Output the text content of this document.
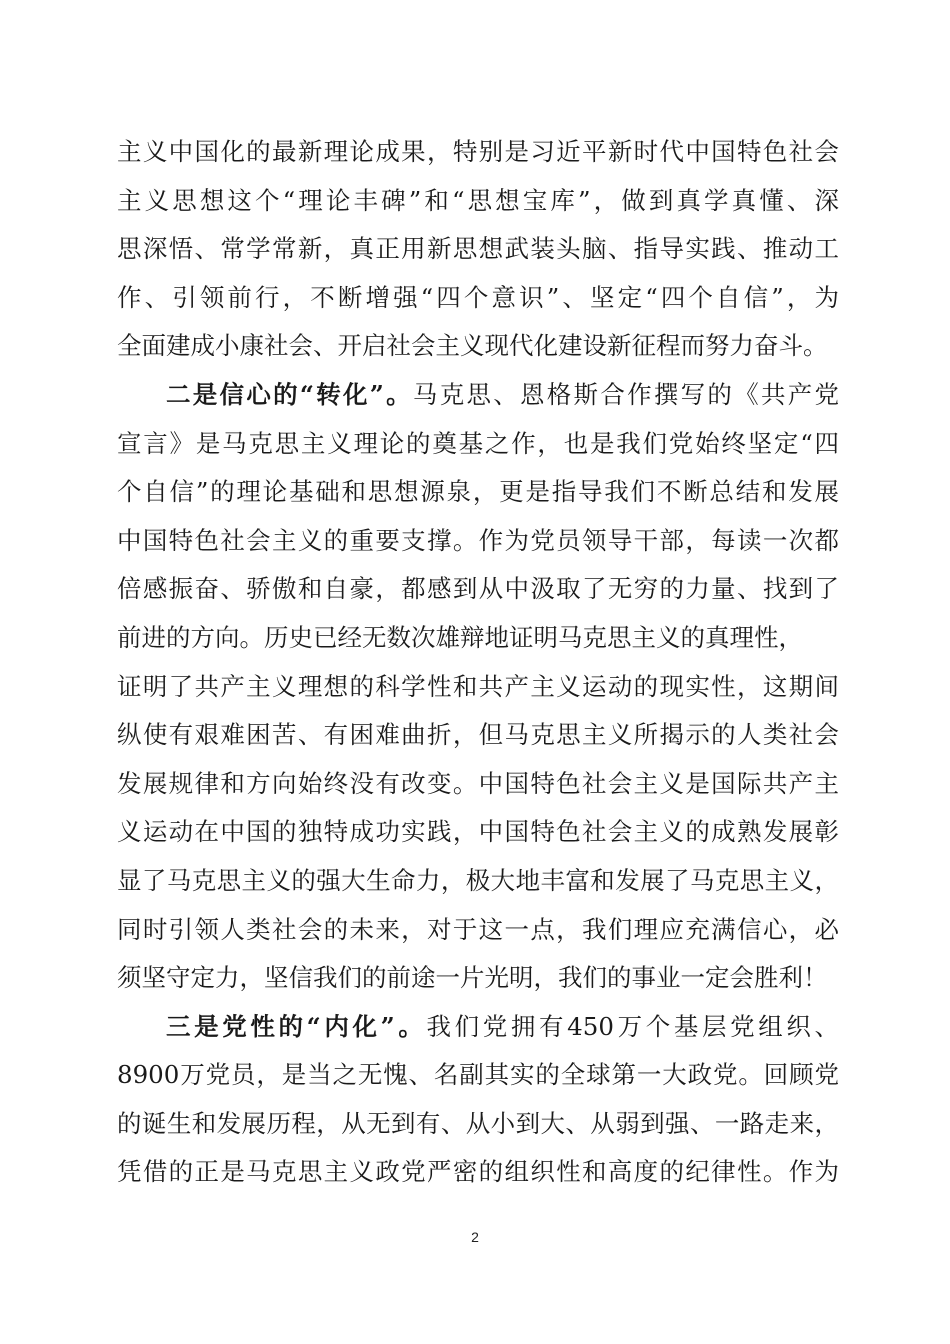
主义中国化的最新理论成果，特别是习近平新时代中国特色社会
主义思想这个“理论丰碑”和“思想宝库”，做到真学真懂、深
思深悟、常学常新，真正用新思想武装头脑、指导实践、推动工
作、引领前行，不断增强“四个意识”、坚定“四个自信”，为
全面建成小康社会、开启社会主义现代化建设新征程而努力奋斗。
二是信心的“转化”。马克思、恩格斯合作撰写的《共产党
宣言》是马克思主义理论的奠基之作，也是我们党始终坚定“四
个自信”的理论基础和思想源泉，更是指导我们不断总结和发展
中国特色社会主义的重要支撑。作为党员领导干部，每读一次都
倍感振奋、骄傲和自豪，都感到从中汲取了无穷的力量、找到了
前进的方向。历史已经无数次雄辩地证明马克思主义的真理性，
证明了共产主义理想的科学性和共产主义运动的现实性，这期间
纵使有艰难困苦、有困难曲折，但马克思主义所揭示的人类社会
发展规律和方向始终没有改变。中国特色社会主义是国际共产主
义运动在中国的独特成功实践，中国特色社会主义的成熟发展彰
显了马克思主义的强大生命力，极大地丰富和发展了马克思主义，
同时引领人类社会的未来，对于这一点，我们理应充满信心，必
须坚守定力，坚信我们的前途一片光明，我们的事业一定会胜利！
三是党性的“内化”。我们党拥有450万个基层党组织、
8900万党员，是当之无愧、名副其实的全球第一大政党。回顾党
的诞生和发展历程，从无到有、从小到大、从弱到强、一路走来，
凭借的正是马克思主义政党严密的组织性和高度的纪律性。作为
2
